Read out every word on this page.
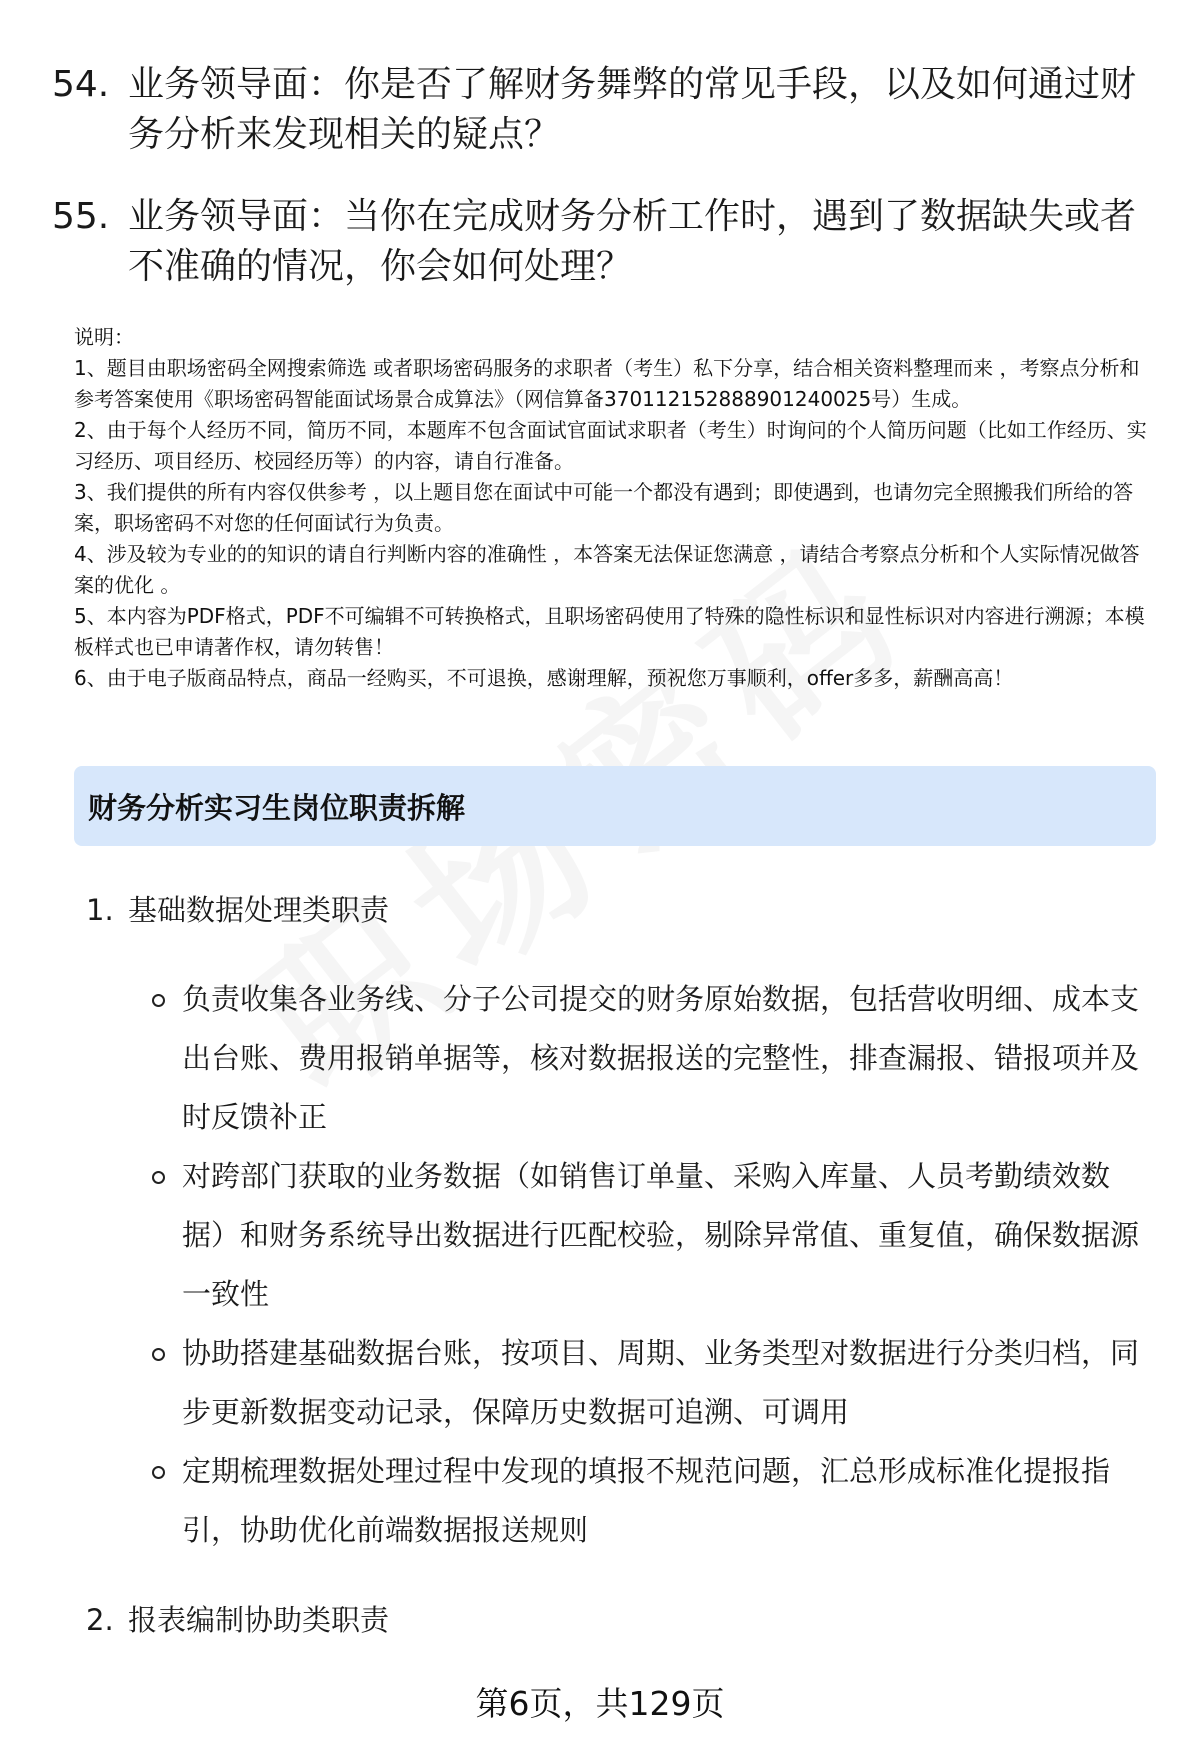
54. 业务领导面：你是否了解财务舞弊的常见手段，以及如何通过财务分析来发现相关的疑点？
55. 业务领导面：当你在完成财务分析工作时，遇到了数据缺失或者不准确的情况，你会如何处理？

说明：

1、题目由职场密码全网搜索筛选 或者职场密码服务的求职者（考生）私下分享，结合相关资料整理而来 ，考察点分析和参考答案使用《职场密码智能面试场景合成算法》（网信算备370112152888901240025号）生成。

2、由于每个人经历不同，简历不同，本题库不包含面试官面试求职者（考生）时询问的个人简历问题（比如工作经历、实习经历、项目经历、校园经历等）的内容，请自行准备。

3、我们提供的所有内容仅供参考 ，以上题目您在面试中可能一个都没有遇到；即使遇到，也请勿完全照搬我们所给的答案，职场密码不对您的任何面试行为负责。

4、涉及较为专业的的知识的请自行判断内容的准确性 ，本答案无法保证您满意 ，请结合考察点分析和个人实际情况做答案的优化 。

5、本内容为PDF格式，PDF不可编辑不可转换格式，且职场密码使用了特殊的隐性标识和显性标识对内容进行溯源；本模板样式也已申请著作权，请勿转售！

6、由于电子版商品特点，商品一经购买，不可退换，感谢理解，预祝您万事顺利，offer多多，薪酬高高！

财务分析实习生岗位职责拆解
1. 基础数据处理类职责
负责收集各业务线、分子公司提交的财务原始数据，包括营收明细、成本支出台账、费用报销单据等，核对数据报送的完整性，排查漏报、错报项并及时反馈补正
对跨部门获取的业务数据（如销售订单量、采购入库量、人员考勤绩效数据）和财务系统导出数据进行匹配校验，剔除异常值、重复值，确保数据源一致性
协助搭建基础数据台账，按项目、周期、业务类型对数据进行分类归档，同步更新数据变动记录，保障历史数据可追溯、可调用
定期梳理数据处理过程中发现的填报不规范问题，汇总形成标准化提报指引，协助优化前端数据报送规则
2. 报表编制协助类职责
第6页，共129页
